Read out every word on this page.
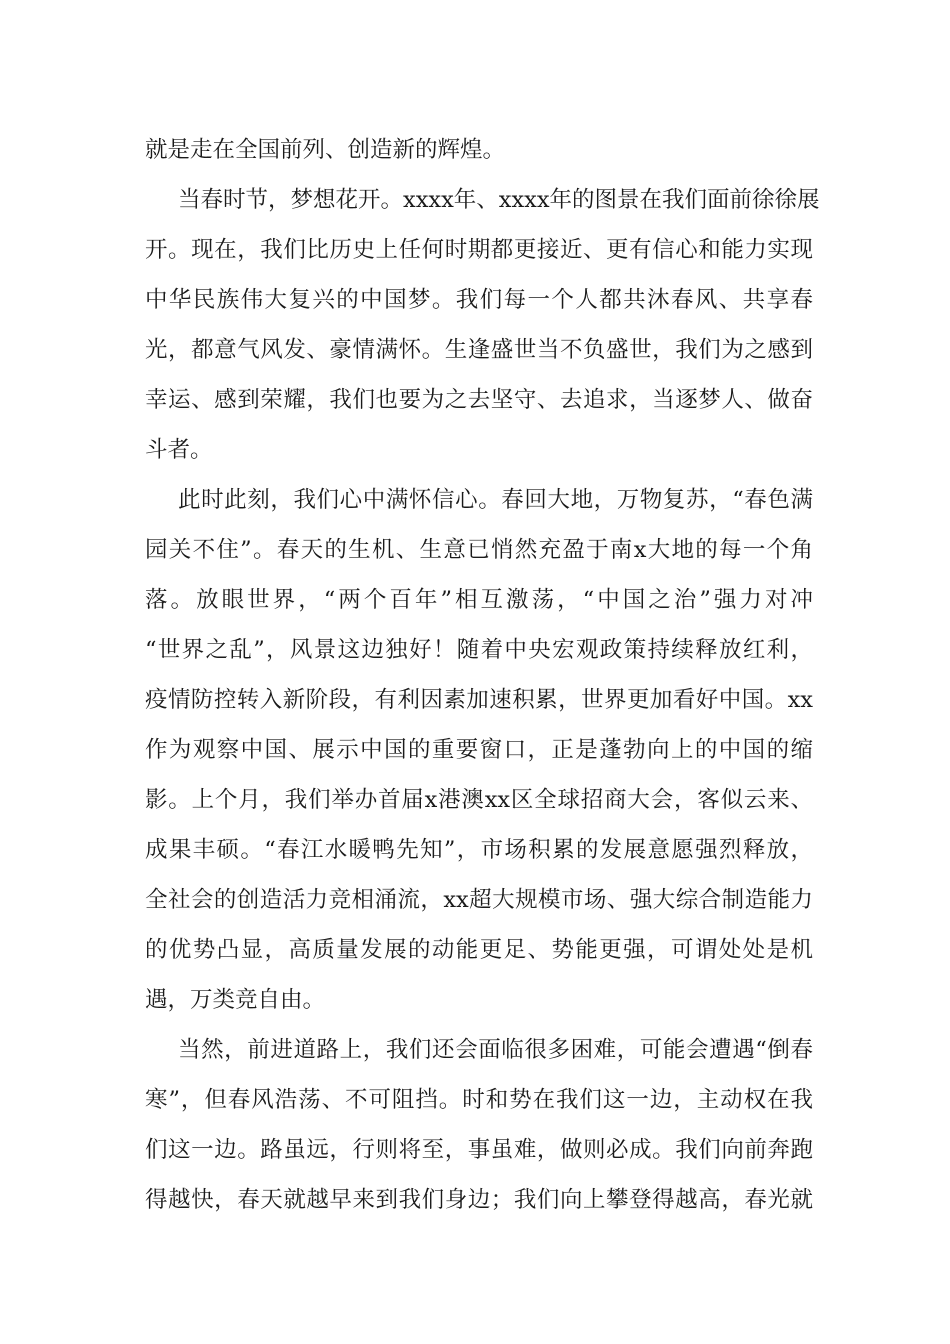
就是走在全国前列、创造新的辉煌。
当春时节，梦想花开。xxxx年、xxxx年的图景在我们面前徐徐展
开。现在，我们比历史上任何时期都更接近、更有信心和能力实现
中华民族伟大复兴的中国梦。我们每一个人都共沐春风、共享春
光，都意气风发、豪情满怀。生逢盛世当不负盛世，我们为之感到
幸运、感到荣耀，我们也要为之去坚守、去追求，当逐梦人、做奋
斗者。
此时此刻，我们心中满怀信心。春回大地，万物复苏，“春色满
园关不住”。春天的生机、生意已悄然充盈于南x大地的每一个角
落。放眼世界，“两个百年”相互激荡，“中国之治”强力对冲
“世界之乱”，风景这边独好！随着中央宏观政策持续释放红利，
疫情防控转入新阶段，有利因素加速积累，世界更加看好中国。xx
作为观察中国、展示中国的重要窗口，正是蓬勃向上的中国的缩
影。上个月，我们举办首届x港澳xx区全球招商大会，客似云来、
成果丰硕。“春江水暖鸭先知”，市场积累的发展意愿强烈释放，
全社会的创造活力竞相涌流，xx超大规模市场、强大综合制造能力
的优势凸显，高质量发展的动能更足、势能更强，可谓处处是机
遇，万类竞自由。
当然，前进道路上，我们还会面临很多困难，可能会遭遇“倒春
寒”，但春风浩荡、不可阻挡。时和势在我们这一边，主动权在我
们这一边。路虽远，行则将至，事虽难，做则必成。我们向前奔跑
得越快，春天就越早来到我们身边；我们向上攀登得越高，春光就
